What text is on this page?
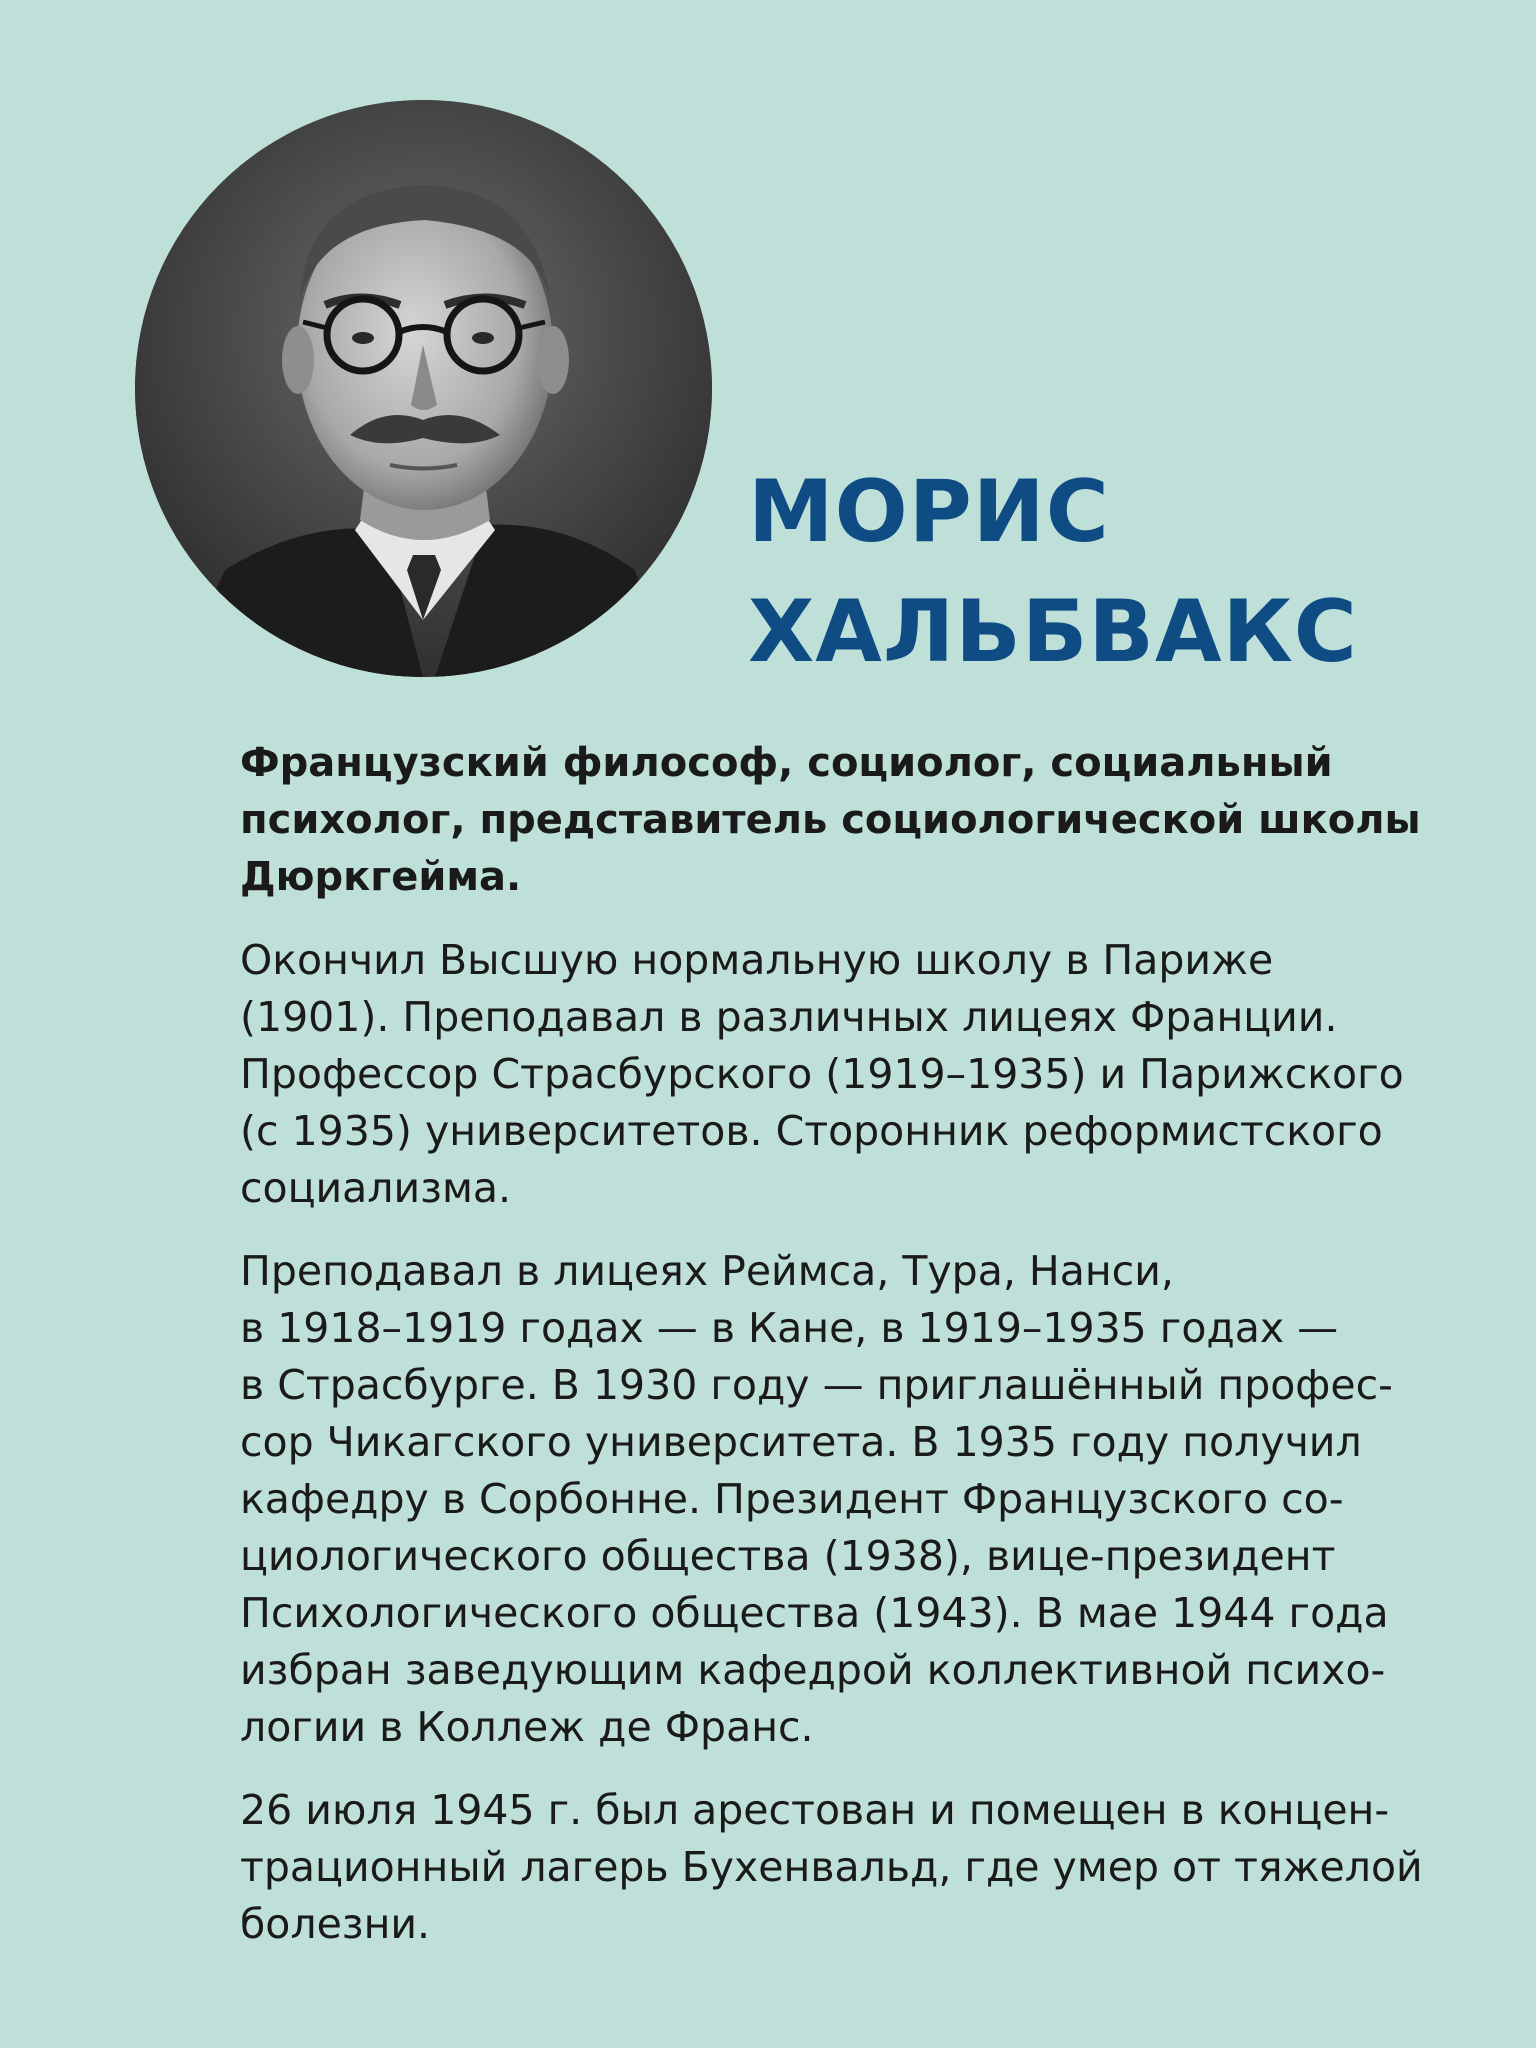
МОРИС
ХАЛЬБВАКС

Французский философ, социолог, социальный
психолог, представитель социологической школы
Дюркгейма.

Окончил Высшую нормальную школу в Париже
(1901). Преподавал в различных лицеях Франции.
Профессор Страсбурского (1919–1935) и Парижского
(с 1935) университетов. Сторонник реформистского
социализма.

Преподавал в лицеях Реймса, Тура, Нанси,
в 1918–1919 годах — в Кане, в 1919–1935 годах —
в Страсбурге. В 1930 году — приглашённый профес-
сор Чикагского университета. В 1935 году получил
кафедру в Сорбонне. Президент Французского со-
циологического общества (1938), вице-президент
Психологического общества (1943). В мае 1944 года
избран заведующим кафедрой коллективной психо-
логии в Коллеж де Франс.

26 июля 1945 г. был арестован и помещен в концен-
трационный лагерь Бухенвальд, где умер от тяжелой
болезни.
